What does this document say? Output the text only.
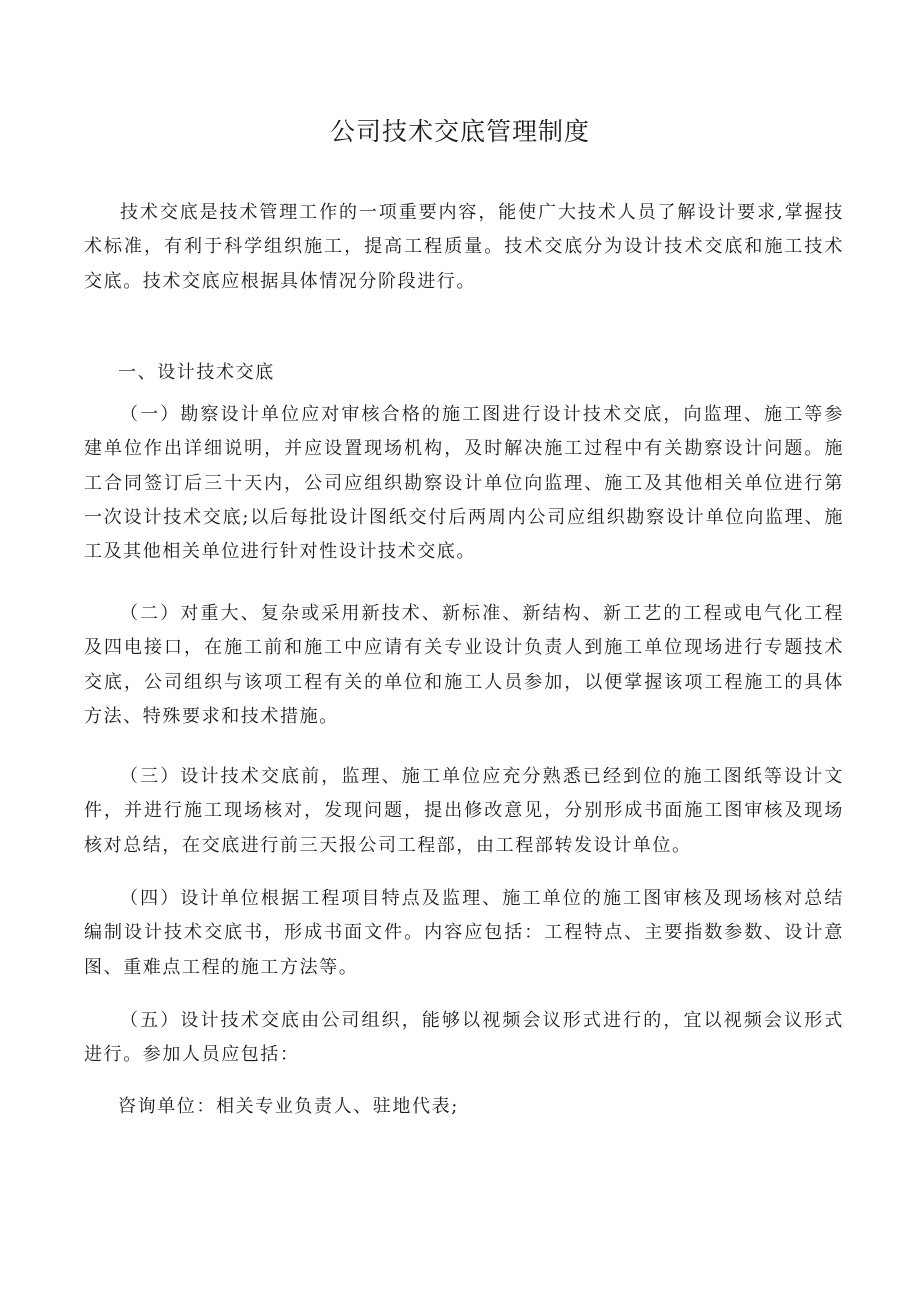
公司技术交底管理制度

技术交底是技术管理工作的一项重要内容，能使广大技术人员了解设计要求,掌握技术标准，有利于科学组织施工，提高工程质量。技术交底分为设计技术交底和施工技术交底。技术交底应根据具体情况分阶段进行。

一、设计技术交底

（一）勘察设计单位应对审核合格的施工图进行设计技术交底，向监理、施工等参建单位作出详细说明，并应设置现场机构，及时解决施工过程中有关勘察设计问题。施工合同签订后三十天内，公司应组织勘察设计单位向监理、施工及其他相关单位进行第一次设计技术交底;以后每批设计图纸交付后两周内公司应组织勘察设计单位向监理、施工及其他相关单位进行针对性设计技术交底。

（二）对重大、复杂或采用新技术、新标准、新结构、新工艺的工程或电气化工程及四电接口，在施工前和施工中应请有关专业设计负责人到施工单位现场进行专题技术交底，公司组织与该项工程有关的单位和施工人员参加，以便掌握该项工程施工的具体方法、特殊要求和技术措施。

（三）设计技术交底前，监理、施工单位应充分熟悉已经到位的施工图纸等设计文件，并进行施工现场核对，发现问题，提出修改意见，分别形成书面施工图审核及现场核对总结，在交底进行前三天报公司工程部，由工程部转发设计单位。

（四）设计单位根据工程项目特点及监理、施工单位的施工图审核及现场核对总结编制设计技术交底书，形成书面文件。内容应包括：工程特点、主要指数参数、设计意图、重难点工程的施工方法等。

（五）设计技术交底由公司组织，能够以视频会议形式进行的，宜以视频会议形式进行。参加人员应包括：

咨询单位：相关专业负责人、驻地代表;
